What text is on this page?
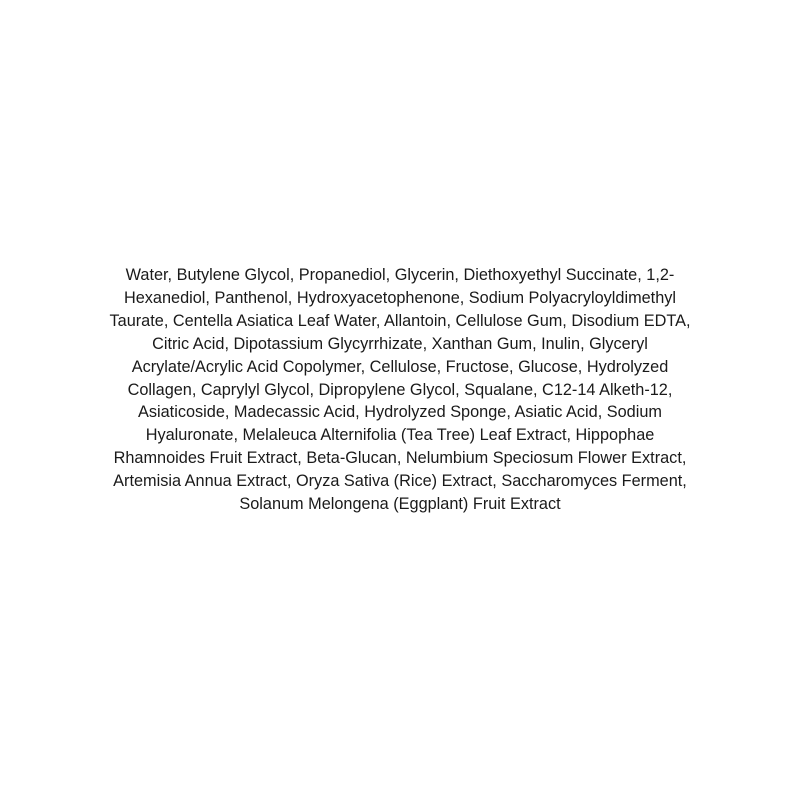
Water, Butylene Glycol, Propanediol, Glycerin, Diethoxyethyl Succinate, 1,2-
Hexanediol, Panthenol, Hydroxyacetophenone, Sodium Polyacryloyldimethyl
Taurate, Centella Asiatica Leaf Water, Allantoin, Cellulose Gum, Disodium EDTA,
Citric Acid, Dipotassium Glycyrrhizate, Xanthan Gum, Inulin, Glyceryl
Acrylate/Acrylic Acid Copolymer, Cellulose, Fructose, Glucose, Hydrolyzed
Collagen, Caprylyl Glycol, Dipropylene Glycol, Squalane, C12-14 Alketh-12,
Asiaticoside, Madecassic Acid, Hydrolyzed Sponge, Asiatic Acid, Sodium
Hyaluronate, Melaleuca Alternifolia (Tea Tree) Leaf Extract, Hippophae
Rhamnoides Fruit Extract, Beta-Glucan, Nelumbium Speciosum Flower Extract,
Artemisia Annua Extract, Oryza Sativa (Rice) Extract, Saccharomyces Ferment,
Solanum Melongena (Eggplant) Fruit Extract
